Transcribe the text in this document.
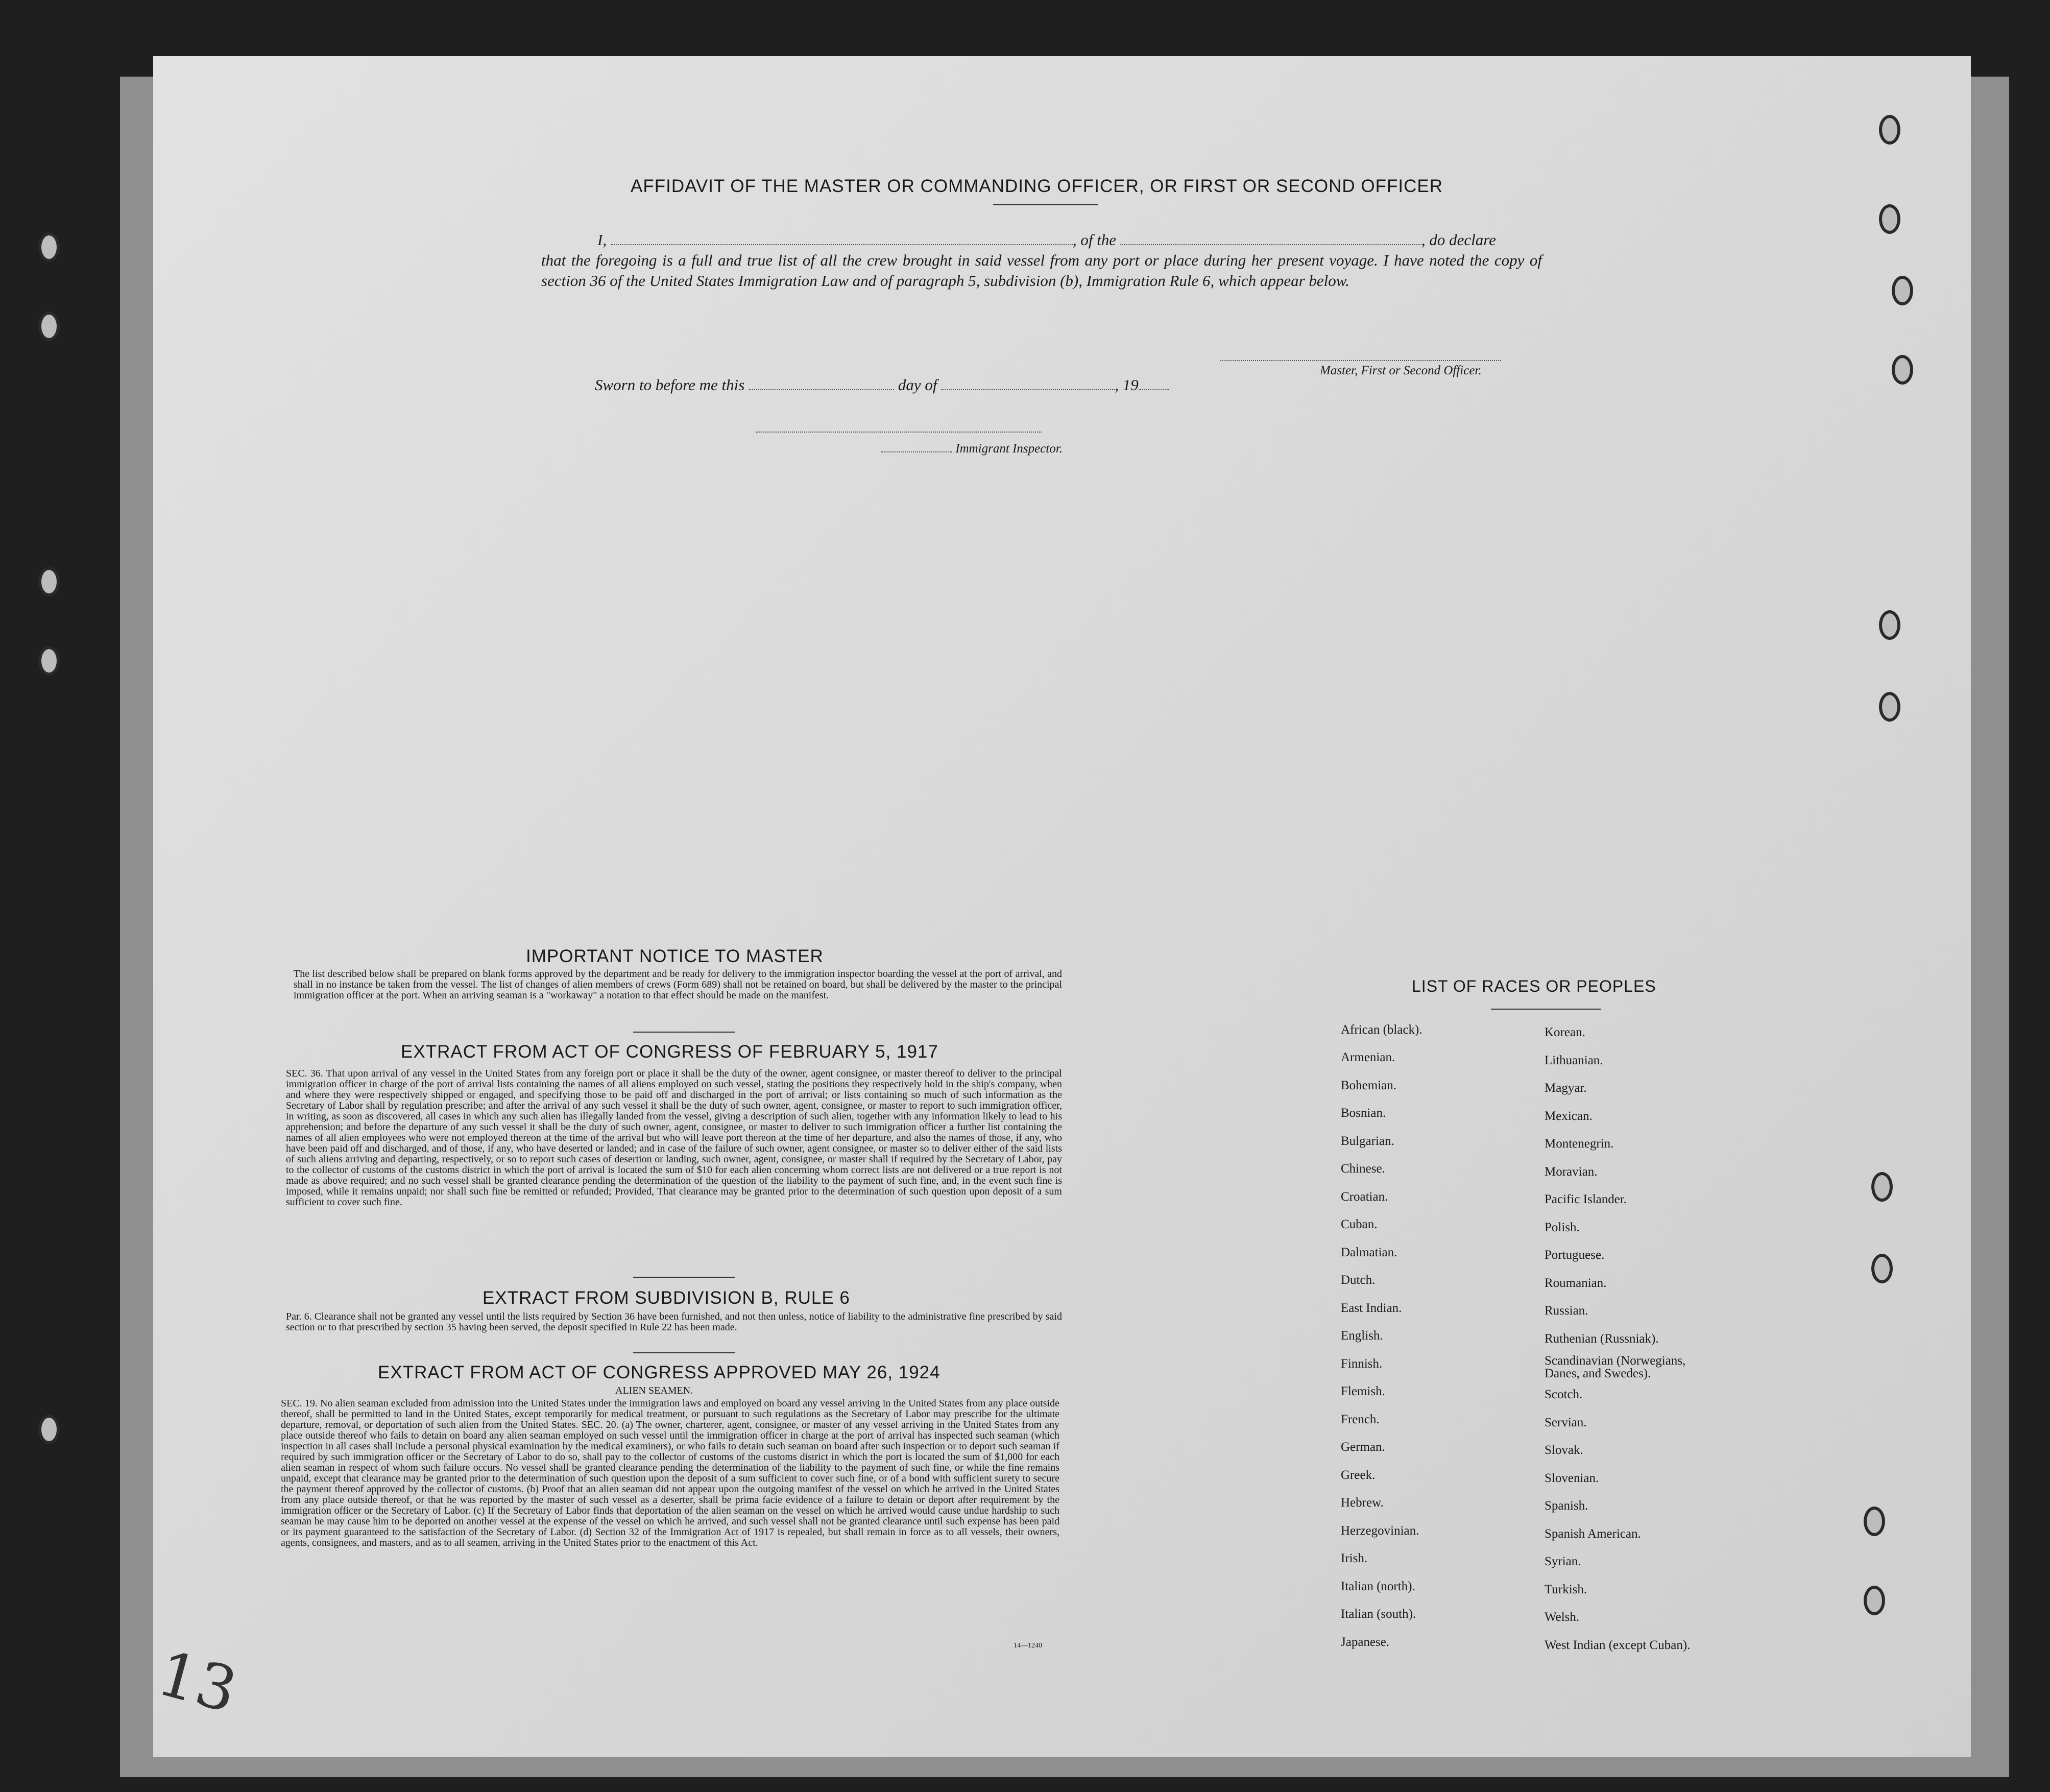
AFFIDAVIT OF THE MASTER OR COMMANDING OFFICER, OR FIRST OR SECOND OFFICER
I,	, of the	, do declare
that the foregoing is a full and true list of all the crew brought in said vessel from any port or place during her present voyage. I have noted the copy of section 36 of the United States Immigration Law and of paragraph 5, subdivision (b), Immigration Rule 6, which appear below.
Master, First or Second Officer.
Sworn to before me this	day of	, 19
Immigrant Inspector.
IMPORTANT NOTICE TO MASTER
The list described below shall be prepared on blank forms approved by the department and be ready for delivery to the immigration inspector boarding the vessel at the port of arrival, and shall in no instance be taken from the vessel. The list of changes of alien members of crews (Form 689) shall not be retained on board, but shall be delivered by the master to the principal immigration officer at the port. When an arriving seaman is a "workaway" a notation to that effect should be made on the manifest.
EXTRACT FROM ACT OF CONGRESS OF FEBRUARY 5, 1917
SEC. 36. That upon arrival of any vessel in the United States from any foreign port or place it shall be the duty of the owner, agent consignee, or master thereof to deliver to the principal immigration officer in charge of the port of arrival lists containing the names of all aliens employed on such vessel, stating the positions they respectively hold in the ship's company, when and where they were respectively shipped or engaged, and specifying those to be paid off and discharged in the port of arrival; or lists containing so much of such information as the Secretary of Labor shall by regulation prescribe; and after the arrival of any such vessel it shall be the duty of such owner, agent, consignee, or master to report to such immigration officer, in writing, as soon as discovered, all cases in which any such alien has illegally landed from the vessel, giving a description of such alien, together with any information likely to lead to his apprehension; and before the departure of any such vessel it shall be the duty of such owner, agent, consignee, or master to deliver to such immigration officer a further list containing the names of all alien employees who were not employed thereon at the time of the arrival but who will leave port thereon at the time of her departure, and also the names of those, if any, who have been paid off and discharged, and of those, if any, who have deserted or landed; and in case of the failure of such owner, agent consignee, or master so to deliver either of the said lists of such aliens arriving and departing, respectively, or so to report such cases of desertion or landing, such owner, agent, consignee, or master shall if required by the Secretary of Labor, pay to the collector of customs of the customs district in which the port of arrival is located the sum of $10 for each alien concerning whom correct lists are not delivered or a true report is not made as above required; and no such vessel shall be granted clearance pending the determination of the question of the liability to the payment of such fine, and, in the event such fine is imposed, while it remains unpaid; nor shall such fine be remitted or refunded; Provided, That clearance may be granted prior to the determination of such question upon deposit of a sum sufficient to cover such fine.
EXTRACT FROM SUBDIVISION B, RULE 6
Par. 6. Clearance shall not be granted any vessel until the lists required by Section 36 have been furnished, and not then unless, notice of liability to the administrative fine prescribed by said section or to that prescribed by section 35 having been served, the deposit specified in Rule 22 has been made.
EXTRACT FROM ACT OF CONGRESS APPROVED MAY 26, 1924
ALIEN SEAMEN.
SEC. 19. No alien seaman excluded from admission into the United States under the immigration laws and employed on board any vessel arriving in the United States from any place outside thereof, shall be permitted to land in the United States, except temporarily for medical treatment, or pursuant to such regulations as the Secretary of Labor may prescribe for the ultimate departure, removal, or deportation of such alien from the United States. SEC. 20. (a) The owner, charterer, agent, consignee, or master of any vessel arriving in the United States from any place outside thereof who fails to detain on board any alien seaman employed on such vessel until the immigration officer in charge at the port of arrival has inspected such seaman (which inspection in all cases shall include a personal physical examination by the medical examiners), or who fails to detain such seaman on board after such inspection or to deport such seaman if required by such immigration officer or the Secretary of Labor to do so, shall pay to the collector of customs of the customs district in which the port is located the sum of $1,000 for each alien seaman in respect of whom such failure occurs. No vessel shall be granted clearance pending the determination of the liability to the payment of such fine, or while the fine remains unpaid, except that clearance may be granted prior to the determination of such question upon the deposit of a sum sufficient to cover such fine, or of a bond with sufficient surety to secure the payment thereof approved by the collector of customs. (b) Proof that an alien seaman did not appear upon the outgoing manifest of the vessel on which he arrived in the United States from any place outside thereof, or that he was reported by the master of such vessel as a deserter, shall be prima facie evidence of a failure to detain or deport after requirement by the immigration officer or the Secretary of Labor. (c) If the Secretary of Labor finds that deportation of the alien seaman on the vessel on which he arrived would cause undue hardship to such seaman he may cause him to be deported on another vessel at the expense of the vessel on which he arrived, and such vessel shall not be granted clearance until such expense has been paid or its payment guaranteed to the satisfaction of the Secretary of Labor. (d) Section 32 of the Immigration Act of 1917 is repealed, but shall remain in force as to all vessels, their owners, agents, consignees, and masters, and as to all seamen, arriving in the United States prior to the enactment of this Act.
14—1240
LIST OF RACES OR PEOPLES
African (black).
Armenian.
Bohemian.
Bosnian.
Bulgarian.
Chinese.
Croatian.
Cuban.
Dalmatian.
Dutch.
East Indian.
English.
Finnish.
Flemish.
French.
German.
Greek.
Hebrew.
Herzegovinian.
Irish.
Italian (north).
Italian (south).
Japanese.
Korean.
Lithuanian.
Magyar.
Mexican.
Montenegrin.
Moravian.
Pacific Islander.
Polish.
Portuguese.
Roumanian.
Russian.
Ruthenian (Russniak).
Scandinavian (Norwegians, Danes, and Swedes).
Scotch.
Servian.
Slovak.
Slovenian.
Spanish.
Spanish American.
Syrian.
Turkish.
Welsh.
West Indian (except Cuban).
13
